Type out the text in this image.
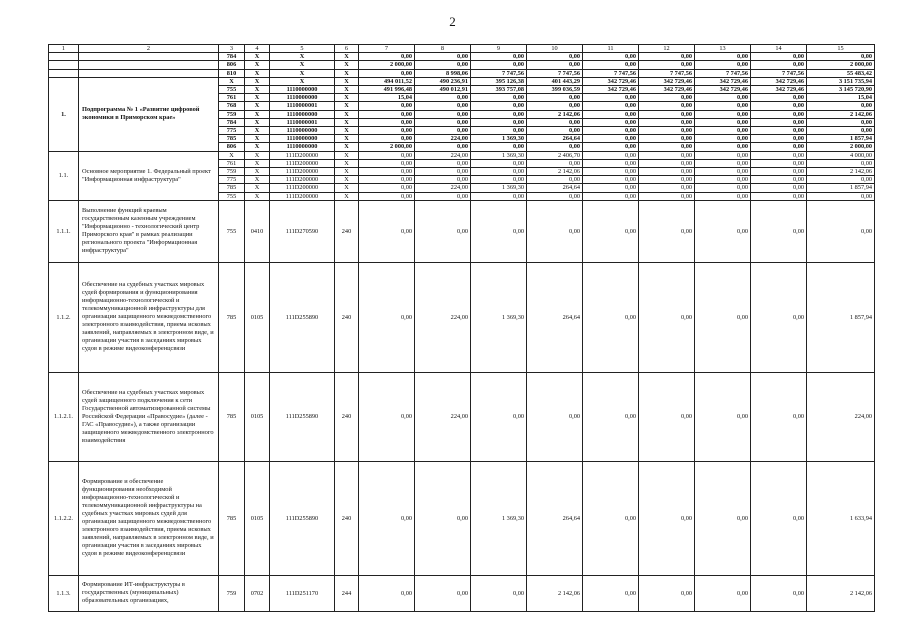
2
1	2	3	4	5	6	7	8	9	10	11	12	13	14	15
		784	X	X	X	0,00	0,00	0,00	0,00	0,00	0,00	0,00	0,00	0,00
		806	X	X	X	2 000,00	0,00	0,00	0,00	0,00	0,00	0,00	0,00	2 000,00
		810	X	X	X	0,00	8 998,06	7 747,56	7 747,56	7 747,56	7 747,56	7 747,56	7 747,56	55 483,42
1.	Подпрограмма № 1 «Развитие цифровой экономики в Приморском крае»	X	X	X	X	494 011,52	490 236,91	395 126,38	401 443,29	342 729,46	342 729,46	342 729,46	342 729,46	3 151 735,94
		755	X	1110000000	X	491 996,48	490 012,91	393 757,08	399 036,59	342 729,46	342 729,46	342 729,46	342 729,46	3 145 720,90
		761	X	1110000000	X	15,04	0,00	0,00	0,00	0,00	0,00	0,00	0,00	15,04
		768	X	1110000001	X	0,00	0,00	0,00	0,00	0,00	0,00	0,00	0,00	0,00
		759	X	1110000000	X	0,00	0,00	0,00	2 142,06	0,00	0,00	0,00	0,00	2 142,06
		784	X	1110000001	X	0,00	0,00	0,00	0,00	0,00	0,00	0,00	0,00	0,00
		775	X	1110000000	X	0,00	0,00	0,00	0,00	0,00	0,00	0,00	0,00	0,00
		785	X	1110000000	X	0,00	224,00	1 369,30	264,64	0,00	0,00	0,00	0,00	1 857,94
		806	X	1110000000	X	2 000,00	0,00	0,00	0,00	0,00	0,00	0,00	0,00	2 000,00
1.1.	Основное мероприятие 1. Федеральный проект "Информационная инфраструктура"	X	X	111D200000	X	0,00	224,00	1 369,30	2 406,70	0,00	0,00	0,00	0,00	4 000,00
		761	X	111D200000	X	0,00	0,00	0,00	0,00	0,00	0,00	0,00	0,00	0,00
		759	X	111D200000	X	0,00	0,00	0,00	2 142,06	0,00	0,00	0,00	0,00	2 142,06
		775	X	111D200000	X	0,00	0,00	0,00	0,00	0,00	0,00	0,00	0,00	0,00
		785	X	111D200000	X	0,00	224,00	1 369,30	264,64	0,00	0,00	0,00	0,00	1 857,94
		755	X	111D200000	X	0,00	0,00	0,00	0,00	0,00	0,00	0,00	0,00	0,00
1.1.1.	Выполнение функций краевым государственным казенным учреждением "Информационно - технологический центр Приморского края" в рамках реализации регионального проекта "Информационная инфраструктура"	755	0410	111D270590	240	0,00	0,00	0,00	0,00	0,00	0,00	0,00	0,00	0,00
1.1.2.	Обеспечение на судебных участках мировых судей формирования и функционирования информационно-технологической и телекоммуникационной инфраструктуры для организации защищенного межведомственного электронного взаимодействия, приема исковых заявлений, направляемых в электронном виде, и организации участия в заседаниях мировых судов в режиме видеоконференцсвязи	785	0105	111D255890	240	0,00	224,00	1 369,30	264,64	0,00	0,00	0,00	0,00	1 857,94
1.1.2.1.	Обеспечение на судебных участках мировых судей защищенного подключения к сети Государственной автоматизированной системы Российской Федерации «Правосудие» (далее - ГАС «Правосудие»), а также организации защищенного межведомственного электронного взаимодействия	785	0105	111D255890	240	0,00	224,00	0,00	0,00	0,00	0,00	0,00	0,00	224,00
1.1.2.2.	Формирование и обеспечение функционирования необходимой информационно-технологической и телекоммуникационной инфраструктуры на судебных участках мировых судей для организации защищенного межведомственного электронного взаимодействия, приема исковых заявлений, направляемых в электронном виде, и организации участия в заседаниях мировых судов в режиме видеоконференцсвязи	785	0105	111D255890	240	0,00	0,00	1 369,30	264,64	0,00	0,00	0,00	0,00	1 633,94
1.1.3.	Формирование ИТ-инфраструктуры в государственных (муниципальных) образовательных организациях,	759	0702	111D251170	244	0,00	0,00	0,00	2 142,06	0,00	0,00	0,00	0,00	2 142,06
